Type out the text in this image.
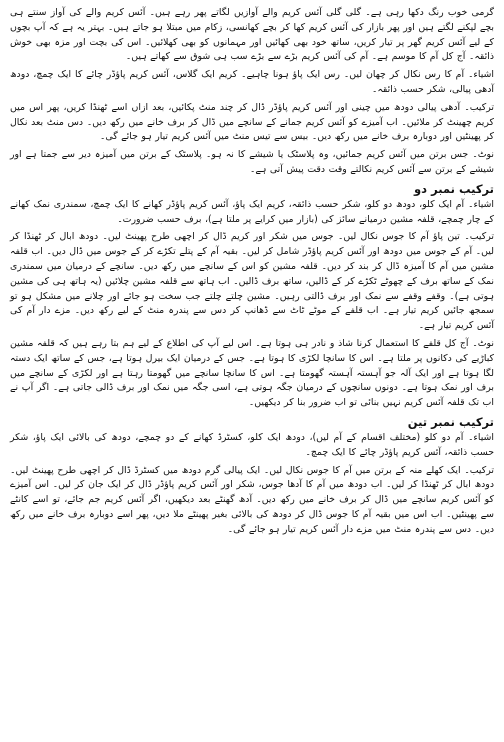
گرمی خوب رنگ دکھا رہی ہے۔ گلی گلی آئس کریم والے آوازیں لگاتے پھر رہے ہیں۔ آئس کریم والے کی آواز سنتے ہی بچے لپکنے لگتے ہیں اور پھر بازار کی آئس کریم کھا کر بچے کھانسی، زکام میں مبتلا ہو جاتے ہیں۔ بہتر یہ ہے کہ آپ بچوں کے لیے آئس کریم گھر پر تیار کریں، ساتھ خود بھی کھائیں اور مہمانوں کو بھی کھلائیں۔ اس کی بچت اور مزہ بھی خوش ذائقہ۔ آج کل آم کا موسم ہے۔ آم کی آئس کریم بڑے سے بڑے سب ہی شوق سے کھاتے ہیں۔

اشیاء۔ آم کا رس نکال کر چھان لیں۔ رس ایک پاؤ ہونا چاہیے۔ کریم ایک گلاس، آئس کریم پاؤڈر چائے کا ایک چمچ، دودھ آدھی پیالی، شکر حسب ذائقہ۔

ترکیب۔ آدھی پیالی دودھ میں چینی اور آئس کریم پاؤڈر ڈال کر چند منٹ پکائیں، بعد ازاں اسے ٹھنڈا کریں، پھر اس میں کریم چھینٹ کر ملائیں۔ اب آمیزے کو آئس کریم جمانے کے سانچے میں ڈال کر برف خانے میں رکھ دیں۔ دس منٹ بعد نکال کر پھینٹیں اور دوبارہ برف خانے میں رکھ دیں۔ بیس سے تیس منٹ میں آئس کریم تیار ہو جائے گی۔

نوٹ۔ جس برتن میں آئس کریم جمائیں، وہ پلاسٹک یا شیشے کا نہ ہو۔ پلاسٹک کے برتن میں آمیزہ دیر سے جمتا ہے اور شیشے کے برتن سے آئس کریم نکالتے وقت دقت پیش آتی ہے۔

ترکیب نمبر دو

اشیاء۔ آم ایک کلو، دودھ دو کلو، شکر حسب ذائقہ، کریم ایک پاؤ، آئس کریم پاؤڈر کھانے کا ایک چمچ، سمندری نمک کھانے کے چار چمچے، قلفہ مشین درمیانے سائز کی (بازار میں کرایے پر ملتا ہے)، برف حسب ضرورت۔

ترکیب۔ تین پاؤ آم کا جوس نکال لیں۔ جوس میں شکر اور کریم ڈال کر اچھی طرح پھینٹ لیں۔ دودھ ابال کر ٹھنڈا کر لیں۔ آم کے جوس میں دودھ اور آئس کریم پاؤڈر شامل کر لیں۔ بقیہ آم کے پتلے تکڑے کر کے جوس میں ڈال دیں۔ اب قلفہ مشین میں آم کا آمیزہ ڈال کر بند کر دیں۔ قلفہ مشین کو اس کے سانچے میں رکھ دیں۔ سانچے کے درمیان میں سمندری نمک کے ساتھ برف کے چھوٹے ٹکڑے کر کے ڈالیں، ساتھ برف ڈالیں۔ اب ہاتھ سے قلفہ مشین چلائیں (یہ ہاتھ ہی کی مشین ہوتی ہے)۔ وقفے وقفے سے نمک اور برف ڈالتی رہیں۔ مشین چلتے چلتے جب سخت ہو جائے اور چلانے میں مشکل ہو تو سمجھ جائیں کریم تیار ہے۔ اب قلفے کے موٹے ٹاٹ سے ڈھانپ کر دس سے پندرہ منٹ کے لیے رکھ دیں۔ مزے دار آم کی آئس کریم تیار ہے۔

نوٹ۔ آج کل قلفے کا استعمال کرنا شاذ و نادر ہی ہوتا ہے۔ اس لیے آپ کی اطلاع کے لیے ہم بتا رہے ہیں کہ قلفہ مشین کباڑیے کی دکانوں پر ملتا ہے۔ اس کا سانچا لکڑی کا ہوتا ہے۔ جس کے درمیان ایک بیرل ہوتا ہے، جس کے ساتھ ایک دستہ لگا ہوتا ہے اور ایک آلہ جو آہستہ آہستہ گھومتا ہے۔ اس کا سانچا سانچے میں گھومتا رہتا ہے اور لکڑی کے سانچے میں برف اور نمک ہوتا ہے۔ دونوں سانچوں کے درمیان جگہ ہوتی ہے، اسی جگہ میں نمک اور برف ڈالی جاتی ہے۔ اگر آپ نے اب تک قلفہ آئس کریم نہیں بنائی تو اب ضرور بنا کر دیکھیں۔

ترکیب نمبر تین

اشیاء۔ آم دو کلو (مختلف اقسام کے آم لیں)، دودھ ایک کلو، کسٹرڈ کھانے کے دو چمچے، دودھ کی بالائی ایک پاؤ، شکر حسب ذائقہ، آئس کریم پاؤڈر چائے کا ایک چمچ۔

ترکیب۔ ایک کھلے منہ کے برتن میں آم کا جوس نکال لیں۔ ایک پیالی گرم دودھ میں کسٹرڈ ڈال کر اچھی طرح پھینٹ لیں۔ دودھ ابال کر ٹھنڈا کر لیں۔ اب دودھ میں آم کا آدھا جوس، شکر اور آئس کریم پاؤڈر ڈال کر ایک جان کر لیں۔ اس آمیزے کو آئس کریم سانچے میں ڈال کر برف خانے میں رکھ دیں۔ آدھ گھنٹے بعد دیکھیں، اگر آئس کریم جم جائے، تو اسے کانٹے سے پھینٹیں۔ اب اس میں بقیہ آم کا جوس ڈال کر دودھ کی بالائی بغیر پھینٹے ملا دیں، پھر اسے دوبارہ برف خانے میں رکھ دیں۔ دس سے پندرہ منٹ میں مزے دار آئس کریم تیار ہو جائے گی۔
